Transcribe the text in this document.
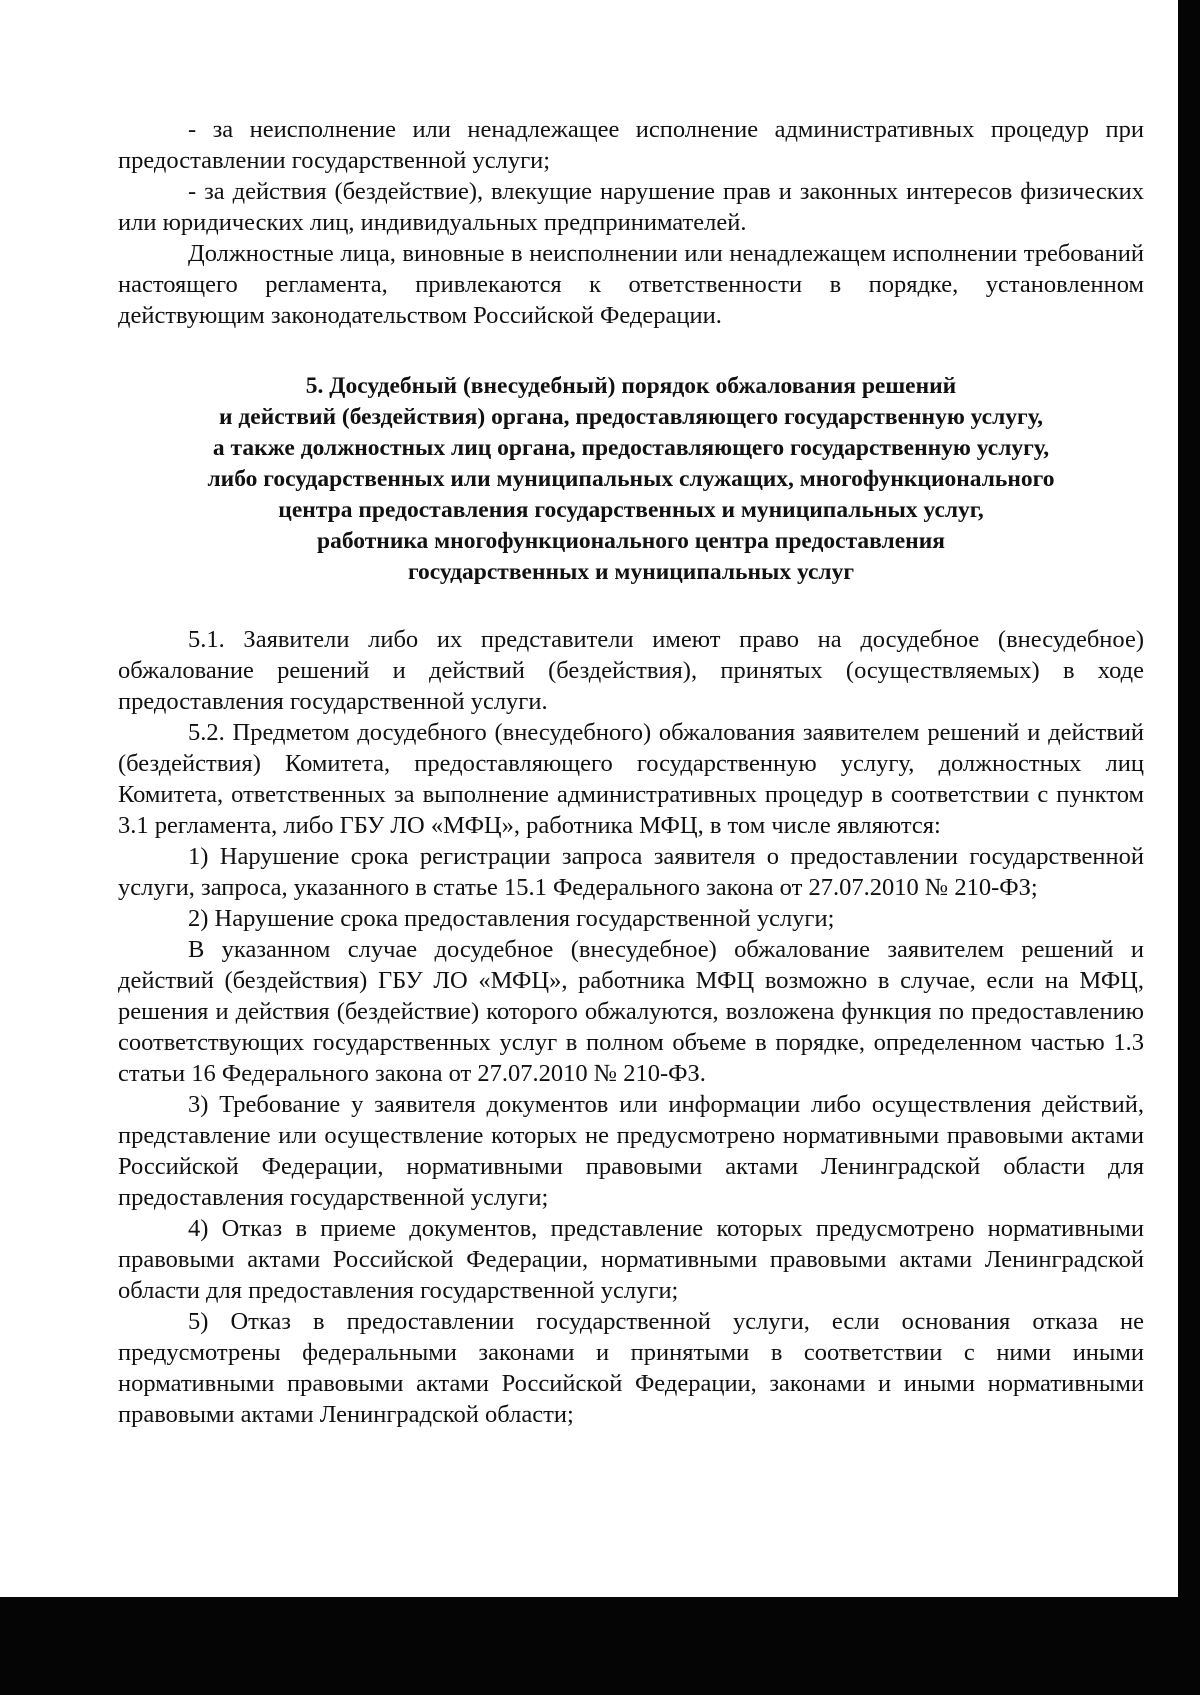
- за неисполнение или ненадлежащее исполнение административных процедур при предоставлении государственной услуги;

- за действия (бездействие), влекущие нарушение прав и законных интересов физических или юридических лиц, индивидуальных предпринимателей.

Должностные лица, виновные в неисполнении или ненадлежащем исполнении требований настоящего регламента, привлекаются к ответственности в порядке, установленном действующим законодательством Российской Федерации.

5. Досудебный (внесудебный) порядок обжалования решений
и действий (бездействия) органа, предоставляющего государственную услугу,
а также должностных лиц органа, предоставляющего государственную услугу,
либо государственных или муниципальных служащих, многофункционального
центра предоставления государственных и муниципальных услуг,
работника многофункционального центра предоставления
государственных и муниципальных услуг

5.1. Заявители либо их представители имеют право на досудебное (внесудебное) обжалование решений и действий (бездействия), принятых (осуществляемых) в ходе предоставления государственной услуги.

5.2. Предметом досудебного (внесудебного) обжалования заявителем решений и действий (бездействия) Комитета, предоставляющего государственную услугу, должностных лиц Комитета, ответственных за выполнение административных процедур в соответствии с пунктом 3.1 регламента, либо ГБУ ЛО «МФЦ», работника МФЦ, в том числе являются:

1) Нарушение срока регистрации запроса заявителя о предоставлении государственной услуги, запроса, указанного в статье 15.1 Федерального закона от 27.07.2010 № 210-ФЗ;

2) Нарушение срока предоставления государственной услуги;

В указанном случае досудебное (внесудебное) обжалование заявителем решений и действий (бездействия) ГБУ ЛО «МФЦ», работника МФЦ возможно в случае, если на МФЦ, решения и действия (бездействие) которого обжалуются, возложена функция по предоставлению соответствующих государственных услуг в полном объеме в порядке, определенном частью 1.3 статьи 16 Федерального закона от 27.07.2010 № 210-ФЗ.

3) Требование у заявителя документов или информации либо осуществления действий, представление или осуществление которых не предусмотрено нормативными правовыми актами Российской Федерации, нормативными правовыми актами Ленинградской области для предоставления государственной услуги;

4) Отказ в приеме документов, представление которых предусмотрено нормативными правовыми актами Российской Федерации, нормативными правовыми актами Ленинградской области для предоставления государственной услуги;

5) Отказ в предоставлении государственной услуги, если основания отказа не предусмотрены федеральными законами и принятыми в соответствии с ними иными нормативными правовыми актами Российской Федерации, законами и иными нормативными правовыми актами Ленинградской области;
